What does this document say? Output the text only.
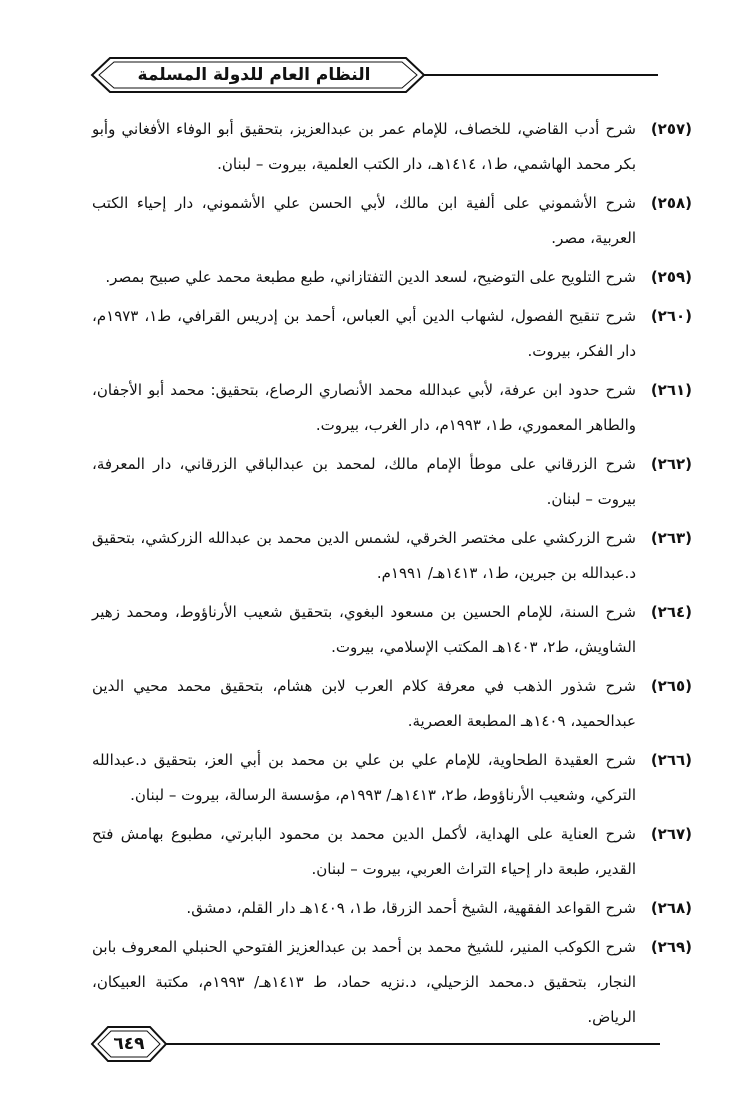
النظام العام للدولة المسلمة
(٢٥٧)
شرح أدب القاضي، للخصاف، للإمام عمر بن عبدالعزيز، بتحقيق أبو الوفاء الأفغاني وأبو بكر محمد الهاشمي، ط١، ١٤١٤هـ، دار الكتب العلمية، بيروت – لبنان.
(٢٥٨)
شرح الأشموني على ألفية ابن مالك، لأبي الحسن علي الأشموني، دار إحياء الكتب العربية، مصر.
(٢٥٩)
شرح التلويح على التوضيح، لسعد الدين التفتازاني، طبع مطبعة محمد علي صبيح بمصر.
(٢٦٠)
شرح تنقيح الفصول، لشهاب الدين أبي العباس، أحمد بن إدريس القرافي، ط١، ١٩٧٣م، دار الفكر، بيروت.
(٢٦١)
شرح حدود ابن عرفة، لأبي عبدالله محمد الأنصاري الرصاع، بتحقيق: محمد أبو الأجفان، والطاهر المعموري، ط١، ١٩٩٣م، دار الغرب، بيروت.
(٢٦٢)
شرح الزرقاني على موطأ الإمام مالك، لمحمد بن عبدالباقي الزرقاني، دار المعرفة، بيروت – لبنان.
(٢٦٣)
شرح الزركشي على مختصر الخرقي، لشمس الدين محمد بن عبدالله الزركشي، بتحقيق د.عبدالله بن جبرين، ط١، ١٤١٣هـ/ ١٩٩١م.
(٢٦٤)
شرح السنة، للإمام الحسين بن مسعود البغوي، بتحقيق شعيب الأرناؤوط، ومحمد زهير الشاويش، ط٢، ١٤٠٣هـ المكتب الإسلامي، بيروت.
(٢٦٥)
شرح شذور الذهب في معرفة كلام العرب لابن هشام، بتحقيق محمد محيي الدين عبدالحميد، ١٤٠٩هـ المطبعة العصرية.
(٢٦٦)
شرح العقيدة الطحاوية، للإمام علي بن علي بن محمد بن أبي العز، بتحقيق د.عبدالله التركي، وشعيب الأرناؤوط، ط٢، ١٤١٣هـ/ ١٩٩٣م، مؤسسة الرسالة، بيروت – لبنان.
(٢٦٧)
شرح العناية على الهداية، لأكمل الدين محمد بن محمود البابرتي، مطبوع بهامش فتح القدير، طبعة دار إحياء التراث العربي، بيروت – لبنان.
(٢٦٨)
شرح القواعد الفقهية، الشيخ أحمد الزرقا، ط١، ١٤٠٩هـ دار القلم، دمشق.
(٢٦٩)
شرح الكوكب المنير، للشيخ محمد بن أحمد بن عبدالعزيز الفتوحي الحنبلي المعروف بابن النجار، بتحقيق د.محمد الزحيلي، د.نزيه حماد، ط ١٤١٣هـ/ ١٩٩٣م، مكتبة العبيكان، الرياض.
٦٤٩
